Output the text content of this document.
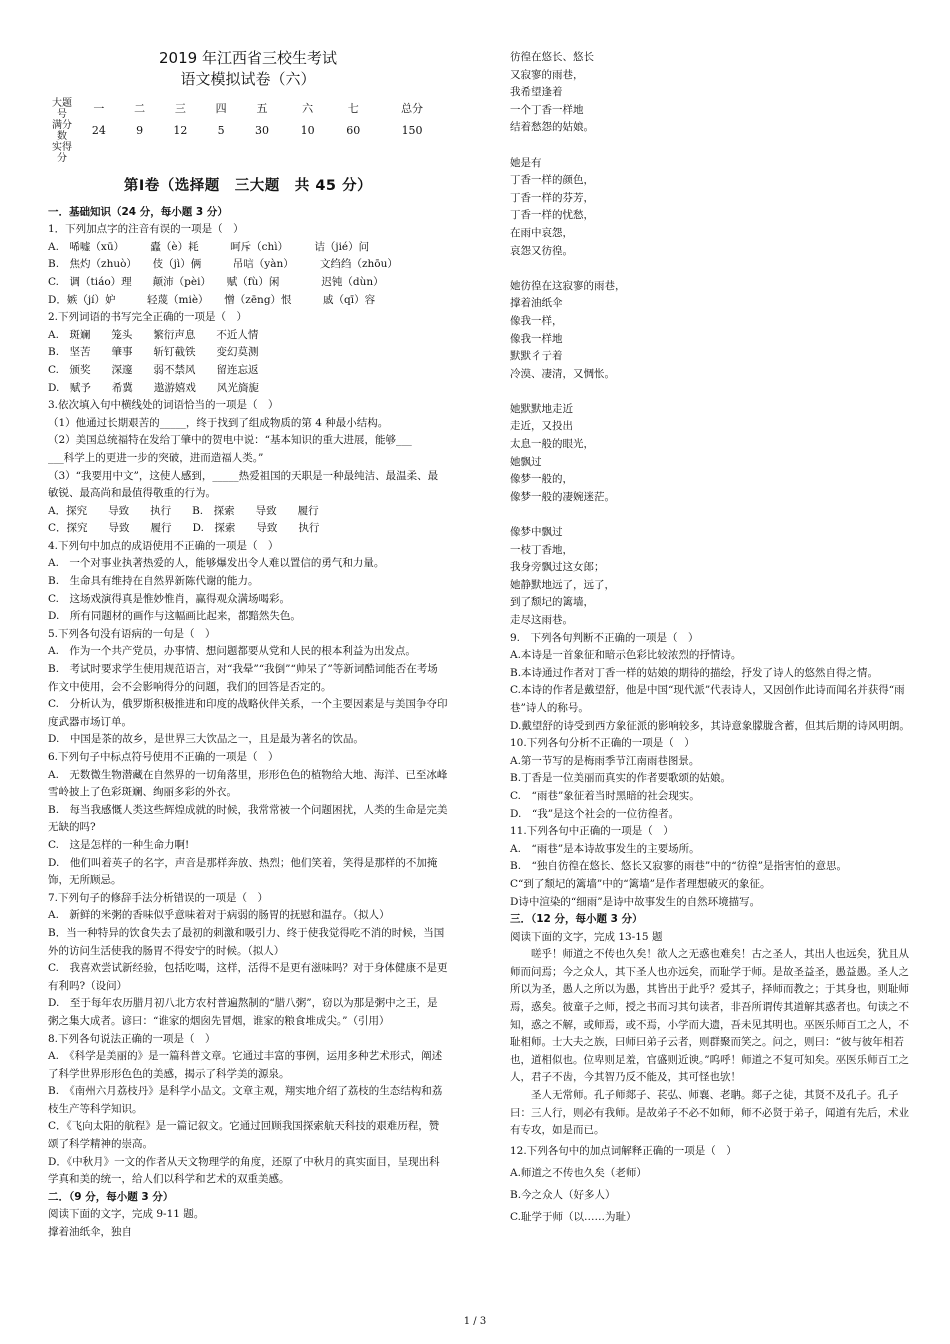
2019 年江西省三校生考试
语文模拟试卷（六）
大题号	一	二	三	四	五	六	七	总分
满分数	24	9	12	5	30	10	60	150
实得分								
第Ⅰ卷（选择题　三大题　共 45 分）
一．基础知识（24 分，每小题 3 分）
1．下列加点字的注音有误的一项是（　）
A.　唏嘘（xū）　　　蠹（è）耗　　　呵斥（chì）　　　诘（jié）问
B.　焦灼（zhuò）　　伎（jì）俩　　　吊唁（yàn）　　　文绉绉（zhōu）
C.　调（tiáo）理　　颠沛（pèi）　　赋（fù）闲　　　　迟钝（dùn）
D．嫉（jí）妒　　　轻蔑（miè）　　憎（zēng）恨　　　戚（qī）容
2.下列词语的书写完全正确的一项是（　）
A.　斑斓　　笼头　　繁衍声息　　不近人情
B.　坚苦　　肇事　　斩钉截铁　　变幻莫测
C.　颁奖　　深邃　　弱不禁风　　留连忘返
D.　赋予　　希冀　　遨游嬉戏　　风光旖旎
3.依次填入句中横线处的词语恰当的一项是（　）
（1）他通过长期艰苦的_____，终于找到了组成物质的第 4 种最小结构。
（2）美国总统福特在发给丁肇中的贺电中说：“基本知识的重大进展，能够___
___科学上的更进一步的突破，进而造福人类。”
（3）“我要用中文”，这使人感到，_____热爱祖国的天职是一种最纯洁、最温柔、最敏锐、最高尚和最值得敬重的行为。
A．探究　　导致　　执行　　B.　探索　　导致　　履行
C．探究　　导致　　履行　　D.　探索　　导致　　执行
4.下列句中加点的成语使用不正确的一项是（　）
A.　一个对事业执著热爱的人，能够爆发出令人难以置信的勇气和力量。
B.　生命具有维持在自然界新陈代谢的能力。
C.　这场戏演得真是惟妙惟肖，赢得观众满场喝彩。
D.　所有同题材的画作与这幅画比起来，都黯然失色。
5.下列各句没有语病的一句是（　）
A.　作为一个共产党员，办事情、想问题都要从党和人民的根本利益为出发点。
B.　考试时要求学生使用规范语言，对“我晕”“我倒”“帅呆了”等新词酷词能否在考场作文中使用，会不会影响得分的问题，我们的回答是否定的。
C.　分析认为，俄罗斯积极推进和印度的战略伙伴关系，一个主要因素是与美国争夺印度武器市场订单。
D.　中国是茶的故乡，是世界三大饮品之一，且是最为著名的饮品。
6.下列句子中标点符号使用不正确的一项是（　）
A.　无数微生物潜藏在自然界的一切角落里，形形色色的植物给大地、海洋、已至冰峰雪岭披上了色彩斑斓、绚丽多彩的外衣。
B.　每当我感慨人类这些辉煌成就的时候，我常常被一个问题困扰，人类的生命是完美无缺的吗?
C.　这是怎样的一种生命力啊!
D.　他们叫着英子的名字，声音是那样奔放、热烈；他们笑着，笑得是那样的不加掩饰，无所顾忌。
7.下列句子的修辞手法分析错误的一项是（　）
A.　新鲜的米粥的香味似乎意味着对于病弱的肠胃的抚慰和温存。（拟人）
B．当一种特异的饮食失去了最初的刺激和吸引力、终于使我觉得吃不消的时候，当国外的访问生活使我的肠胃不得安宁的时候。（拟人）
C.　我喜欢尝试新经验，包括吃喝，这样，活得不是更有滋味吗？对于身体健康不是更有利吗?（设问）
D.　至于每年农历腊月初八北方农村普遍熬制的“腊八粥”，窃以为那是粥中之王，是粥之集大成者。谚曰：“谁家的烟囱先冒烟，谁家的粮食堆成尖。”（引用）
8.下列各句说法正确的一项是（　）
A.　《科学是美丽的》是一篇科普文章。它通过丰富的事例，运用多种艺术形式，阐述了科学世界形形色色的美感，揭示了科学美的源泉。
B.　《南州六月荔枝丹》是科学小品文。文章主观，翔实地介绍了荔枝的生态结构和荔枝生产等科学知识。
C．《飞向太阳的航程》是一篇记叙文。它通过回顾我国探索航天科技的艰难历程，赞颂了科学精神的崇高。
D．《中秋月》一文的作者从天文物理学的角度，还原了中秋月的真实面目，呈现出科学真和美的统一，给人们以科学和艺术的双重美感。
二．（9 分，每小题 3 分）
阅读下面的文字，完成 9-11 题。
撑着油纸伞，独自
彷徨在悠长、悠长
又寂寥的雨巷，
我希望逢着
一个丁香一样地
结着愁怨的姑娘。
她是有
丁香一样的颜色，
丁香一样的芬芳，
丁香一样的忧愁，
在雨中哀怨，
哀怨又彷徨。
她彷徨在这寂寥的雨巷，
撑着油纸伞
像我一样，
像我一样地
默默彳亍着
冷漠、凄清，又惆怅。
她默默地走近
走近，又投出
太息一般的眼光，
她飘过
像梦一般的，
像梦一般的凄婉迷茫。
像梦中飘过
一枝丁香地，
我身旁飘过这女郎；
她静默地远了，远了，
到了颓圮的篱墙，
走尽这雨巷。
9.　下列各句判断不正确的一项是（　）
A.本诗是一首象征和暗示色彩比较浓烈的抒情诗。
B.本诗通过作者对丁香一样的姑娘的期待的描绘，抒发了诗人的悠然自得之情。
C.本诗的作者是戴望舒，他是中国“现代派”代表诗人，又因创作此诗而闻名并获得“雨巷”诗人的称号。
D.戴望舒的诗受到西方象征派的影响较多，其诗意象朦胧含蓄，但其后期的诗风明朗。
10.下列各句分析不正确的一项是（　）
A.第一节写的是梅雨季节江南雨巷图景。
B.丁香是一位美丽而真实的作者要歌颂的姑娘。
C.　“雨巷”象征着当时黑暗的社会现实。
D.　“我”是这个社会的一位彷徨者。
11.下列各句中正确的一项是（　）
A.　“雨巷”是本诗故事发生的主要场所。
B.　“独自彷徨在悠长、悠长又寂寥的雨巷”中的“彷徨”是指害怕的意思。
C“到了颓圮的篱墙”中的“篱墙”是作者理想破灭的象征。
D诗中渲染的“细雨”是诗中故事发生的自然环境描写。
三．（12 分，每小题 3 分）
阅读下面的文字，完成 13-15 题
嗟乎！师道之不传也久矣！欲人之无惑也难矣！古之圣人，其出人也远矣，犹且从师而问焉；今之众人，其下圣人也亦远矣，而耻学于师。是故圣益圣，愚益愚。圣人之所以为圣，愚人之所以为愚，其皆出于此乎？爱其子，择师而教之；于其身也，则耻师焉，惑矣。彼童子之师，授之书而习其句读者，非吾所谓传其道解其惑者也。句读之不知，惑之不解，或师焉，或不焉，小学而大遗，吾未见其明也。巫医乐师百工之人，不耻相师。士大夫之族，曰师曰弟子云者，则群聚而笑之。问之，则曰：“彼与彼年相若也，道相似也。位卑则足羞，官盛则近谀。”呜呼！师道之不复可知矣。巫医乐师百工之人，君子不齿，今其智乃反不能及，其可怪也欤！
圣人无常师。孔子师郯子、苌弘、师襄、老聃。郯子之徒，其贤不及孔子。孔子曰：三人行，则必有我师。是故弟子不必不如师，师不必贤于弟子，闻道有先后，术业有专攻，如是而已。
12.下列各句中的加点词解释正确的一项是（　）
A.师道之不传也久矣（老师）
B.今之众人（好多人）
C.耻学于师（以……为耻）
1 / 3
